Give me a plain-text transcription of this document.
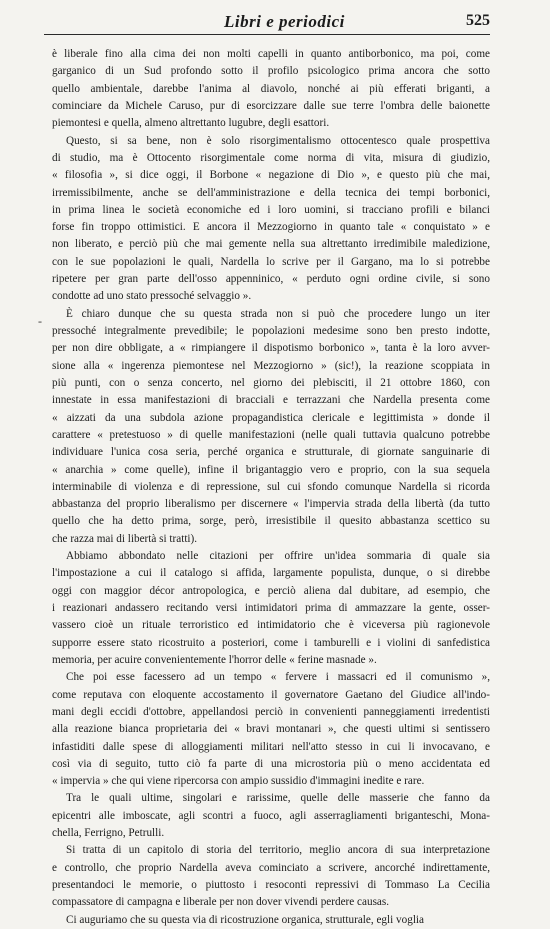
Libri e periodici	525
-
è liberale fino alla cima dei non molti capelli in quanto antiborbonico, ma poi, come
garganico di un Sud profondo sotto il profilo psicologico prima ancora che sotto
quello ambientale, darebbe l'anima al diavolo, nonché ai più efferati briganti, a
cominciare da Michele Caruso, pur di esorcizzare dalle sue terre l'ombra delle baionette
piemontesi e quella, almeno altrettanto lugubre, degli esattori.
Questo, si sa bene, non è solo risorgimentalismo ottocentesco quale prospettiva
di studio, ma è Ottocento risorgimentale come norma di vita, misura di giudizio,
« filosofia », si dice oggi, il Borbone « negazione di Dio », e questo più che mai,
irremissibilmente, anche se dell'amministrazione e della tecnica dei tempi borbonici,
in prima linea le società economiche ed i loro uomini, si tracciano profili e bilanci
forse fin troppo ottimistici. E ancora il Mezzogiorno in quanto tale « conquistato » e
non liberato, e perciò più che mai gemente nella sua altrettanto irredimibile maledizione,
con le sue popolazioni le quali, Nardella lo scrive per il Gargano, ma lo si potrebbe
ripetere per gran parte dell'osso appenninico, « perduto ogni ordine civile, si sono
condotte ad uno stato pressoché selvaggio ».
È chiaro dunque che su questa strada non si può che procedere lungo un iter
pressoché integralmente prevedibile; le popolazioni medesime sono ben presto indotte,
per non dire obbligate, a « rimpiangere il dispotismo borbonico », tanta è la loro avver-
sione alla « ingerenza piemontese nel Mezzogiorno » (sic!), la reazione scoppiata in
più punti, con o senza concerto, nel giorno dei plebisciti, il 21 ottobre 1860, con
innestate in essa manifestazioni di bracciali e terrazzani che Nardella presenta come
« aizzati da una subdola azione propagandistica clericale e legittimista » donde il
carattere « pretestuoso » di quelle manifestazioni (nelle quali tuttavia qualcuno potrebbe
individuare l'unica cosa seria, perché organica e strutturale, di giornate sanguinarie di
« anarchia » come quelle), infine il brigantaggio vero e proprio, con la sua sequela
interminabile di violenza e di repressione, sul cui sfondo comunque Nardella si ricorda
abbastanza del proprio liberalismo per discernere « l'impervia strada della libertà (da tutto
quello che ha detto prima, sorge, però, irresistibile il quesito abbastanza scettico su
che razza mai di libertà si tratti).
Abbiamo abbondato nelle citazioni per offrire un'idea sommaria di quale sia
l'impostazione a cui il catalogo si affida, largamente populista, dunque, o si direbbe
oggi con maggior décor antropologica, e perciò aliena dal dubitare, ad esempio, che
i reazionari andassero recitando versi intimidatori prima di ammazzare la gente, osser-
vassero cioè un rituale terroristico ed intimidatorio che è viceversa più ragionevole
supporre essere stato ricostruito a posteriori, come i tamburelli e i violini di sanfedistica
memoria, per acuire convenientemente l'horror delle « ferine masnade ».
Che poi esse facessero ad un tempo « fervere i massacri ed il comunismo »,
come reputava con eloquente accostamento il governatore Gaetano del Giudice all'indo-
mani degli eccidi d'ottobre, appellandosi perciò in convenienti panneggiamenti irredentisti
alla reazione bianca proprietaria dei « bravi montanari », che questi ultimi si sentissero
infastiditi dalle spese di alloggiamenti militari nell'atto stesso in cui li invocavano, e
così via di seguito, tutto ciò fa parte di una microstoria più o meno accidentata ed
« impervia » che qui viene ripercorsa con ampio sussidio d'immagini inedite e rare.
Tra le quali ultime, singolari e rarissime, quelle delle masserie che fanno da
epicentri alle imboscate, agli scontri a fuoco, agli asserragliamenti briganteschi, Mona-
chella, Ferrigno, Petrulli.
Si tratta di un capitolo di storia del territorio, meglio ancora di sua interpretazione
e controllo, che proprio Nardella aveva cominciato a scrivere, ancorché indirettamente,
presentandoci le memorie, o piuttosto i resoconti repressivi di Tommaso La Cecilia
compassatore di campagna e liberale per non dover vivendi perdere causas.
Ci auguriamo che su questa via di ricostruzione organica, strutturale, egli voglia
